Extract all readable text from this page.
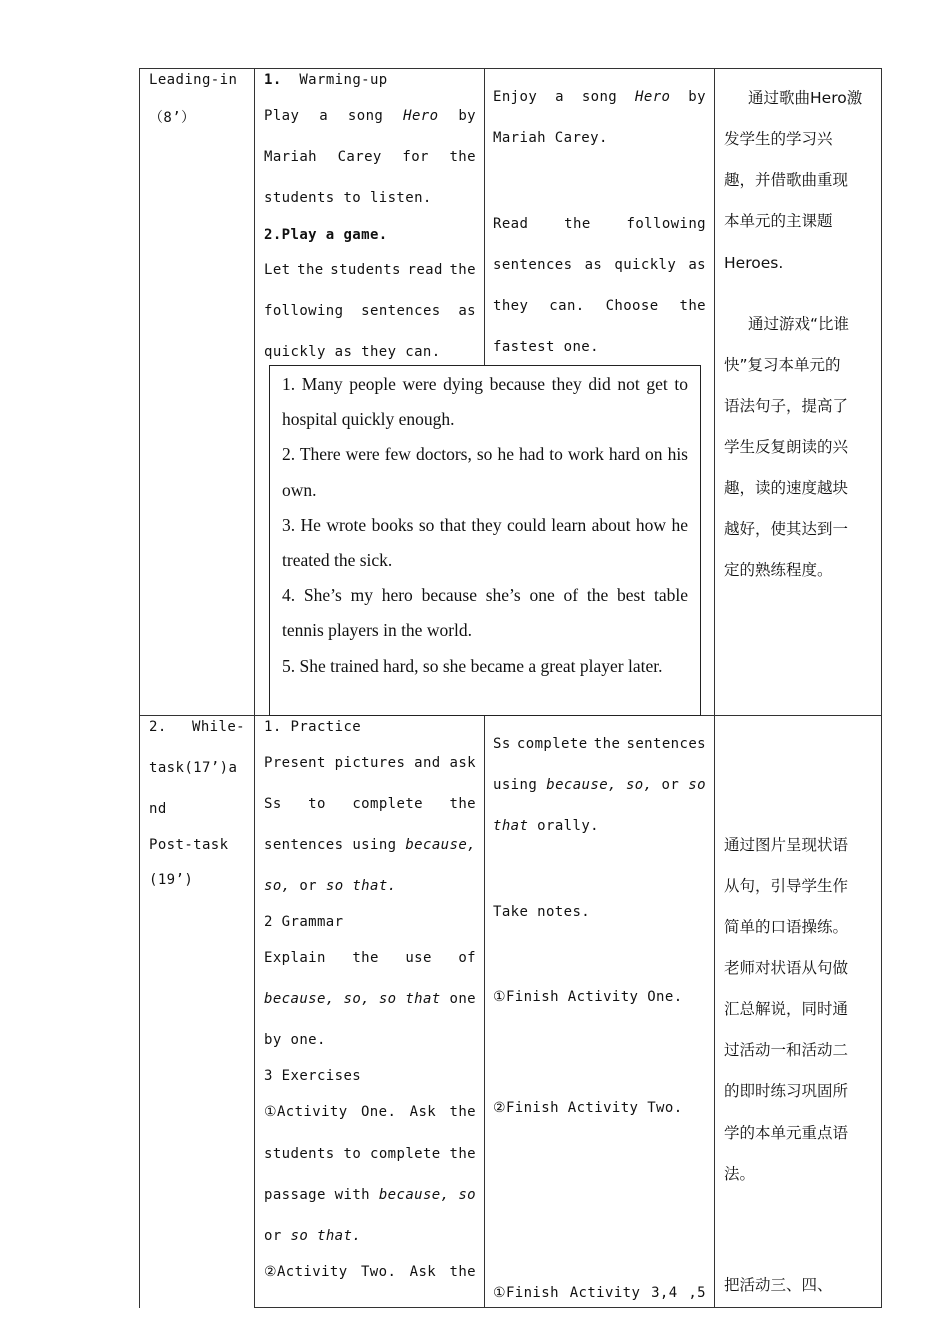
Leading-in
（8’）
1. Warming-up
Play a song Hero by
Mariah Carey for the
students to listen.
2.Play a game.
Let the students read the
following sentences as
quickly as they can.
Enjoy a song Hero by
Mariah Carey.
Read	the	following
sentences as quickly as
they can. Choose the
fastest one.
通过歌曲Hero激
发学生的学习兴
趣，并借歌曲重现
本单元的主课题
Heroes.
通过游戏“比谁
快”复习本单元的
语法句子，提高了
学生反复朗读的兴
趣，读的速度越块
越好，使其达到一
定的熟练程度。

1. Many people were dying because they did not get to hospital quickly enough.

2. There were few doctors, so he had to work hard on his own.

3. He wrote books so that they could learn about how he treated the sick.

4. She’s my hero because she’s one of the best table tennis players in the world.

5. She trained hard, so she became a great player later.

2. While-
task(17’)a
nd
Post-task
(19’)
1. Practice
Present pictures and ask
Ss to complete the
sentences using because,
so, or so that.
2 Grammar
Explain the use of
because, so, so that one
by one.
3 Exercises
①Activity One. Ask the
students to complete the
passage with because, so
or so that.
②Activity Two. Ask the
Ss complete the sentences
using because, so, or so
that orally.
Take notes.
①Finish Activity One.
②Finish Activity Two.
①Finish Activity 3,4 ,5
通过图片呈现状语
从句，引导学生作
简单的口语操练。
老师对状语从句做
汇总解说，同时通
过活动一和活动二
的即时练习巩固所
学的本单元重点语
法。
把活动三、四、
